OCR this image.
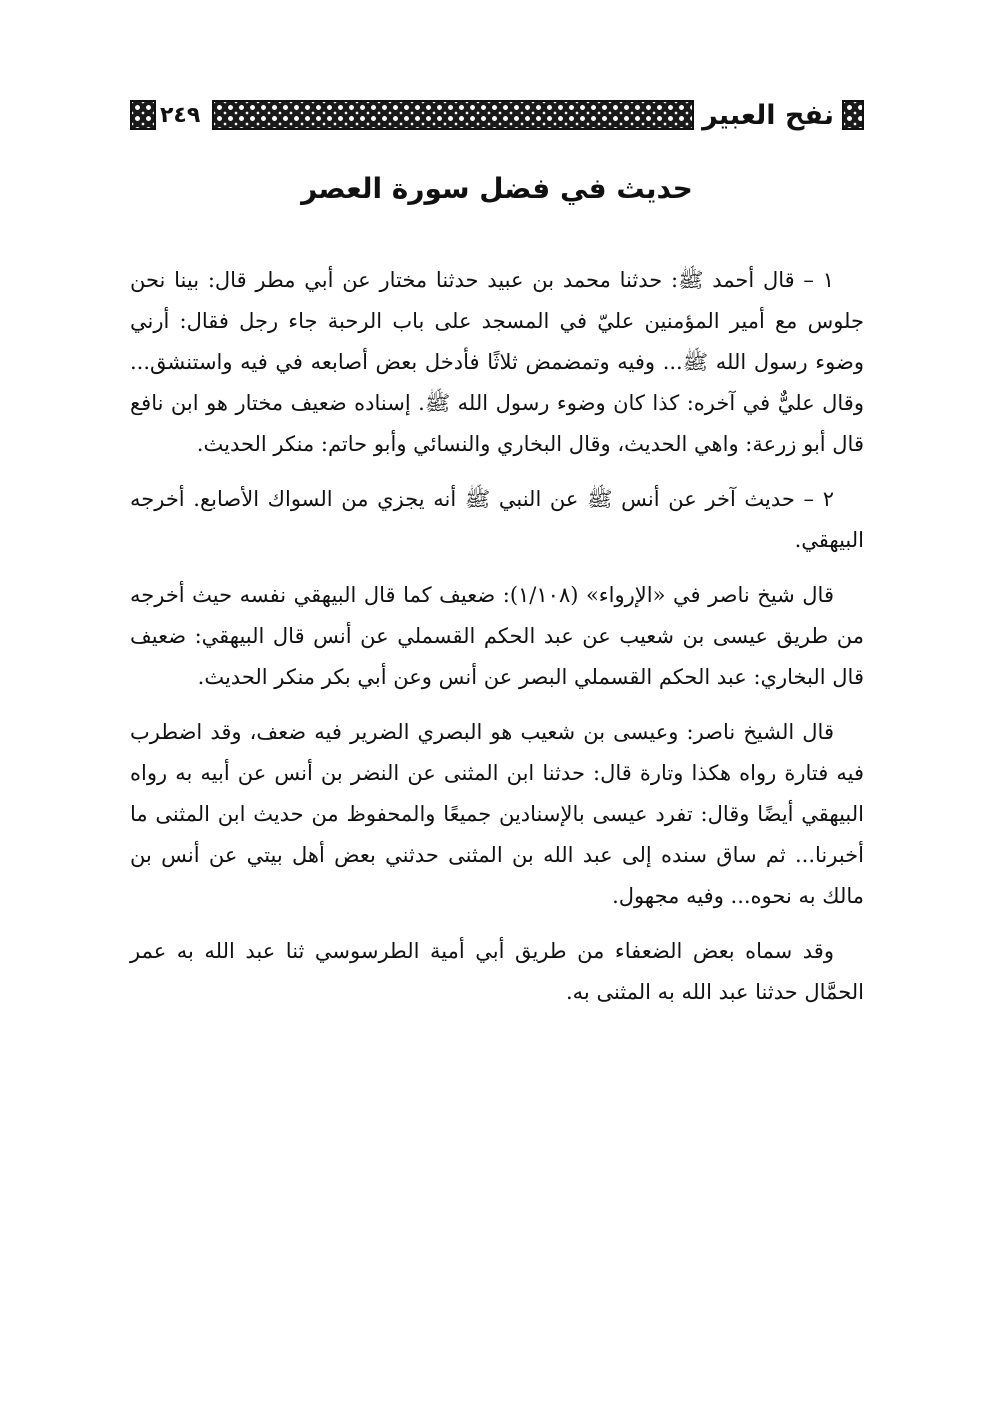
٢٤٩	نفح العبير
حديث في فضل سورة العصر

١ – قال أحمد ﷺ: حدثنا محمد بن عبيد حدثنا مختار عن أبي مطر قال: بينا نحن جلوس مع أمير المؤمنين عليّ في المسجد على باب الرحبة جاء رجل فقال: أرني وضوء رسول الله ﷺ... وفيه وتمضمض ثلاثًا فأدخل بعض أصابعه في فيه واستنشق... وقال عليٌّ في آخره: كذا كان وضوء رسول الله ﷺ. إسناده ضعيف مختار هو ابن نافع قال أبو زرعة: واهي الحديث، وقال البخاري والنسائي وأبو حاتم: منكر الحديث.

٢ – حديث آخر عن أنس ﷺ عن النبي ﷺ أنه يجزي من السواك الأصابع. أخرجه البيهقي.

قال شيخ ناصر في «الإرواء» (١/١٠٨): ضعيف كما قال البيهقي نفسه حيث أخرجه من طريق عيسى بن شعيب عن عبد الحكم القسملي عن أنس قال البيهقي: ضعيف قال البخاري: عبد الحكم القسملي البصر عن أنس وعن أبي بكر منكر الحديث.

قال الشيخ ناصر: وعيسى بن شعيب هو البصري الضرير فيه ضعف، وقد اضطرب فيه فتارة رواه هكذا وتارة قال: حدثنا ابن المثنى عن النضر بن أنس عن أبيه به رواه البيهقي أيضًا وقال: تفرد عيسى بالإسنادين جميعًا والمحفوظ من حديث ابن المثنى ما أخبرنا... ثم ساق سنده إلى عبد الله بن المثنى حدثني بعض أهل بيتي عن أنس بن مالك به نحوه... وفيه مجهول.

وقد سماه بعض الضعفاء من طريق أبي أمية الطرسوسي ثنا عبد الله به عمر الحمَّال حدثنا عبد الله به المثنى به.
